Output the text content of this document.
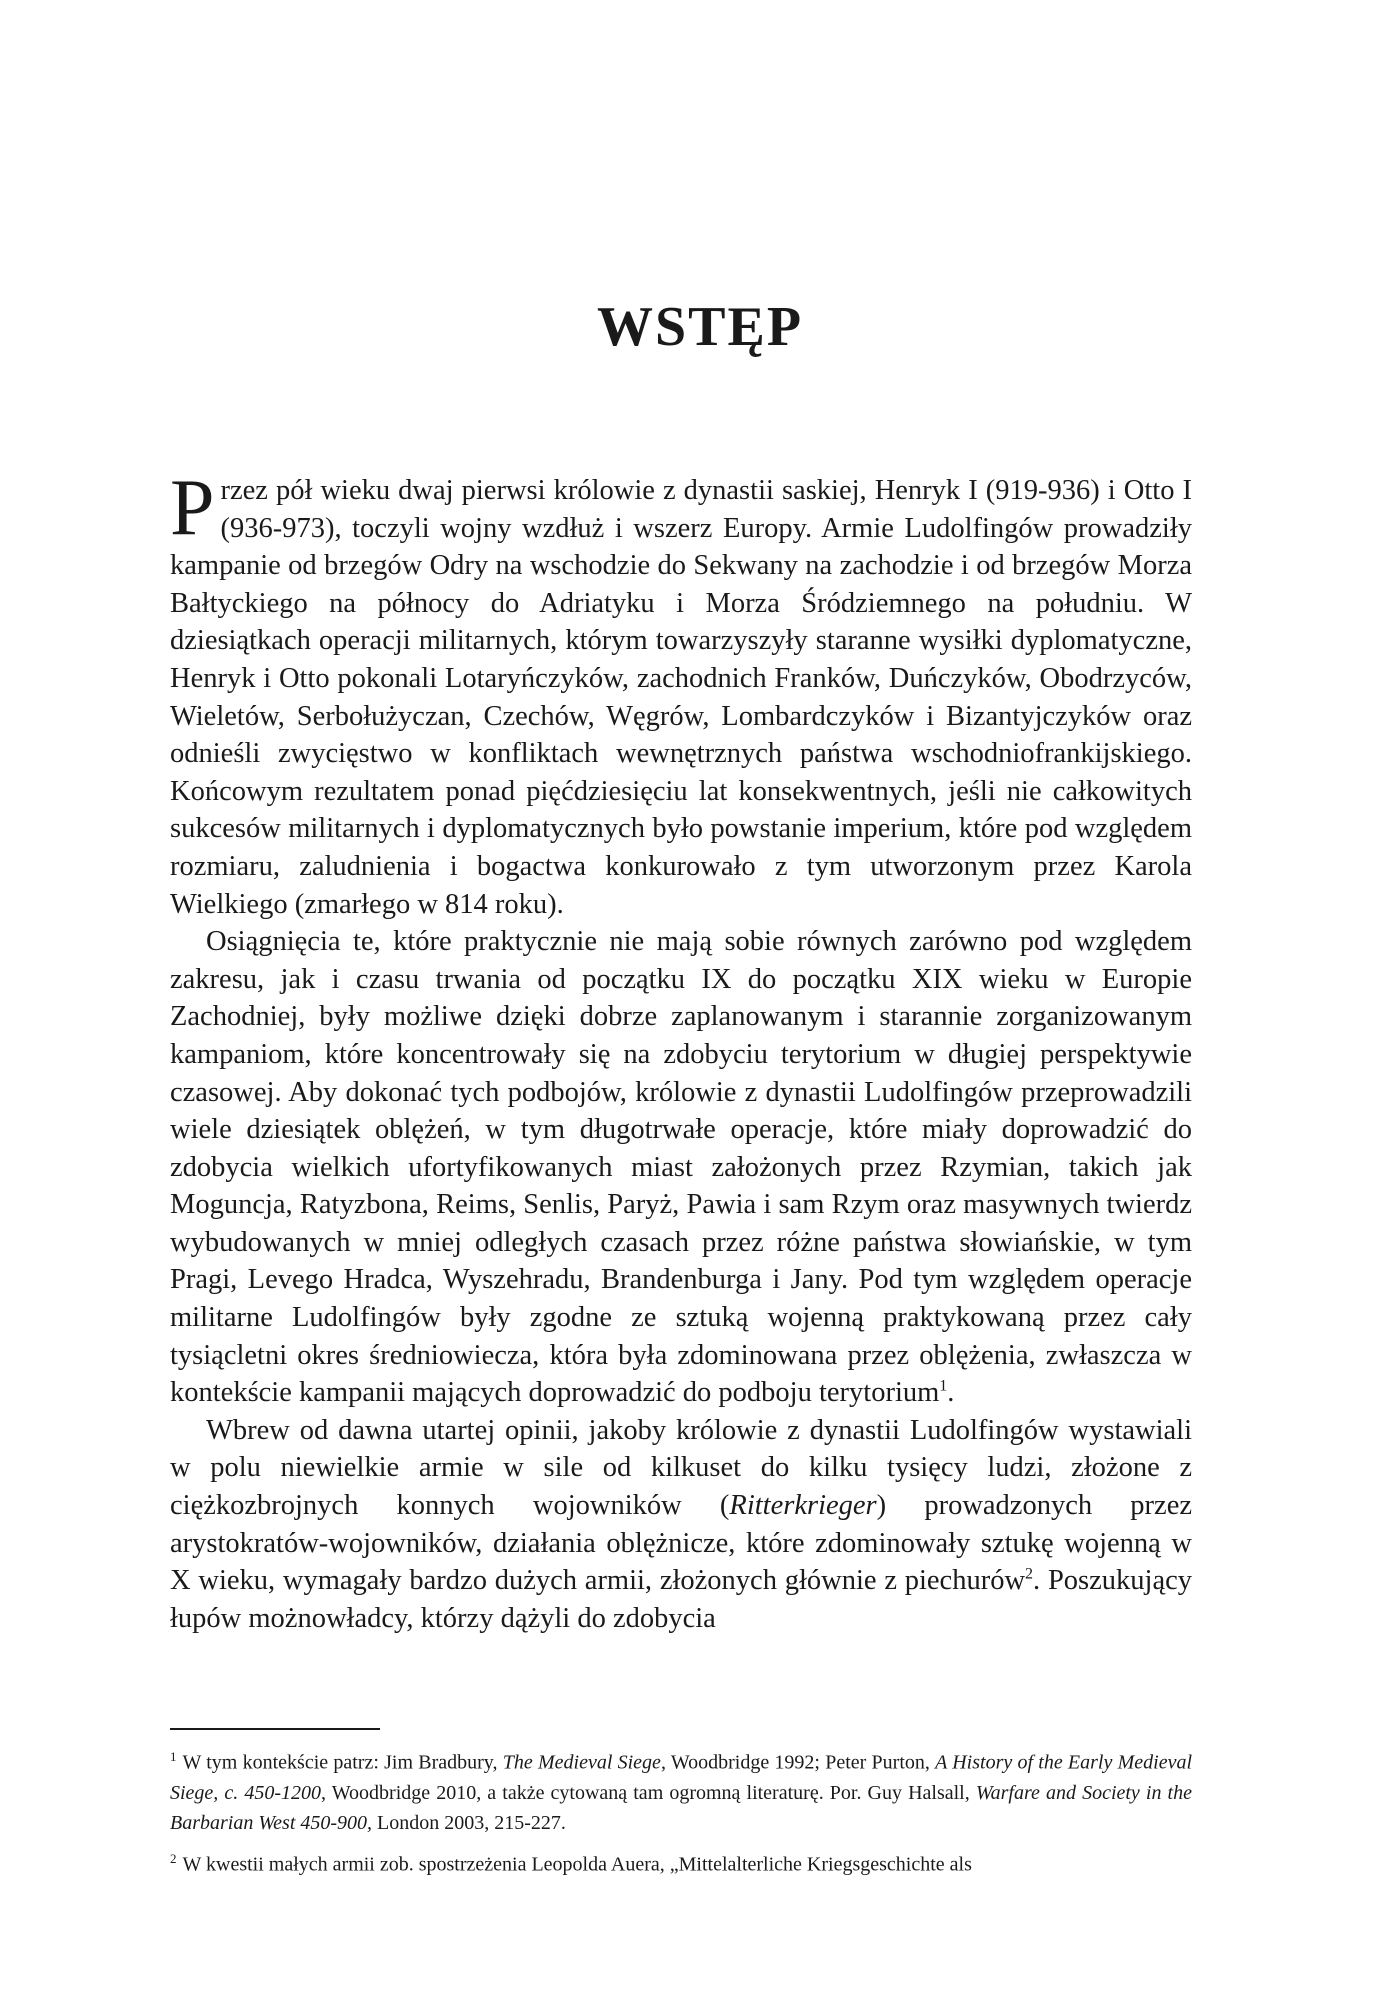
WSTĘP

Przez pół wieku dwaj pierwsi królowie z dynastii saskiej, Henryk I (919-936) i Otto I (936-973), toczyli wojny wzdłuż i wszerz Europy. Armie Ludolfingów prowadziły kampanie od brzegów Odry na wschodzie do Sekwany na zachodzie i od brzegów Morza Bałtyckiego na północy do Adriatyku i Morza Śródziemnego na południu. W dziesiątkach operacji militarnych, którym towarzyszyły staranne wysiłki dyplomatyczne, Henryk i Otto pokonali Lotaryńczyków, zachodnich Franków, Duńczyków, Obodrzyców, Wieletów, Serbołużyczan, Czechów, Węgrów, Lombardczyków i Bizantyjczyków oraz odnieśli zwycięstwo w konfliktach wewnętrznych państwa wschodniofrankijskiego. Końcowym rezultatem ponad pięćdziesięciu lat konsekwentnych, jeśli nie całkowitych sukcesów militarnych i dyplomatycznych było powstanie imperium, które pod względem rozmiaru, zaludnienia i bogactwa konkurowało z tym utworzonym przez Karola Wielkiego (zmarłego w 814 roku).

Osiągnięcia te, które praktycznie nie mają sobie równych zarówno pod względem zakresu, jak i czasu trwania od początku IX do początku XIX wieku w Europie Zachodniej, były możliwe dzięki dobrze zaplanowanym i starannie zorganizowanym kampaniom, które koncentrowały się na zdobyciu terytorium w długiej perspektywie czasowej. Aby dokonać tych podbojów, królowie z dynastii Ludolfingów przeprowadzili wiele dziesiątek oblężeń, w tym długotrwałe operacje, które miały doprowadzić do zdobycia wielkich ufortyfikowanych miast założonych przez Rzymian, takich jak Moguncja, Ratyzbona, Reims, Senlis, Paryż, Pawia i sam Rzym oraz masywnych twierdz wybudowanych w mniej odległych czasach przez różne państwa słowiańskie, w tym Pragi, Levego Hradca, Wyszehradu, Brandenburga i Jany. Pod tym względem operacje militarne Ludolfingów były zgodne ze sztuką wojenną praktykowaną przez cały tysiącletni okres średniowiecza, która była zdominowana przez oblężenia, zwłaszcza w kontekście kampanii mających doprowadzić do podboju terytorium$^1$.

Wbrew od dawna utartej opinii, jakoby królowie z dynastii Ludolfingów wystawiali w polu niewielkie armie w sile od kilkuset do kilku tysięcy ludzi, złożone z ciężkozbrojnych konnych wojowników (Ritterkrieger) prowadzonych przez arystokratów-wojowników, działania oblężnicze, które zdominowały sztukę wojenną w X wieku, wymagały bardzo dużych armii, złożonych głównie z piechurów$^2$. Poszukujący łupów możnowładcy, którzy dążyli do zdobycia

$^1$ W tym kontekście patrz: Jim Bradbury, The Medieval Siege, Woodbridge 1992; Peter Purton, A History of the Early Medieval Siege, c. 450-1200, Woodbridge 2010, a także cytowaną tam ogromną literaturę. Por. Guy Halsall, Warfare and Society in the Barbarian West 450-900, London 2003, 215-227.

$^2$ W kwestii małych armii zob. spostrzeżenia Leopolda Auera, „Mittelalterliche Kriegsgeschichte als
